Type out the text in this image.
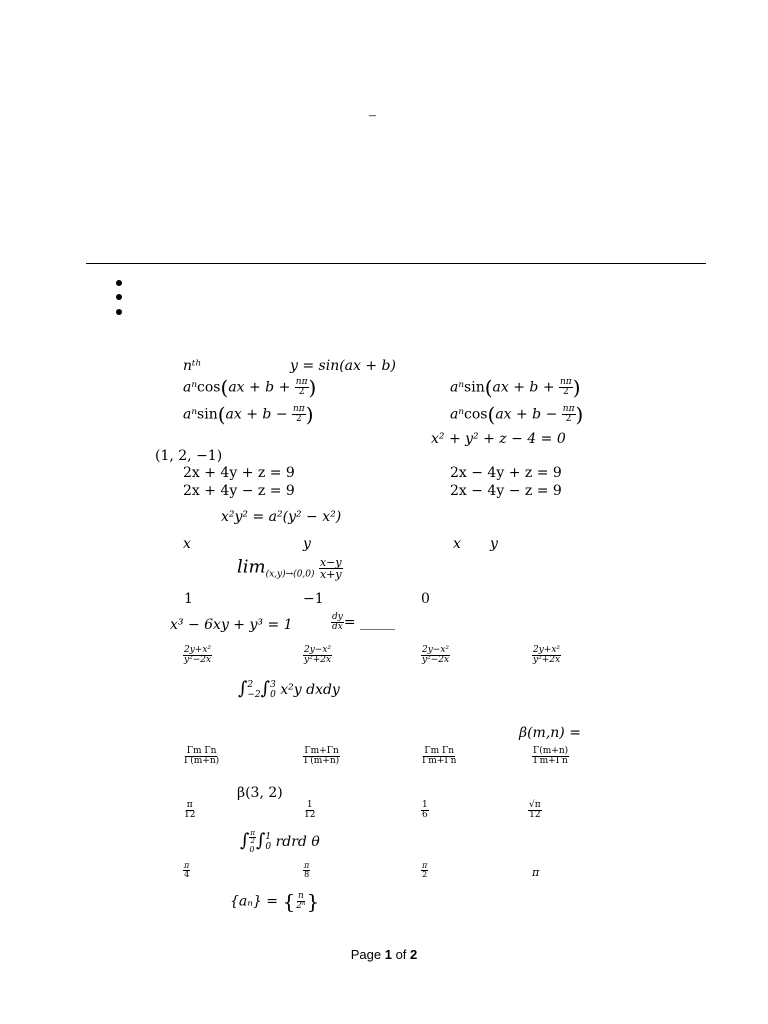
–
nᵗʰ	y = sin(ax + b)
$a^n\cos(ax + b + \frac{n\pi}{2}$ )	$a^n\sin(ax + b + \frac{n\pi}{2}$ )
$a^n\sin(ax + b - \frac{n\pi}{2}$ )	$a^n\cos(ax + b - \frac{n\pi}{2}$ )
x² + y² + z − 4 = 0
(1, 2, −1)
2x + 4y + z = 9	2x − 4y + z = 9
2x + 4y − z = 9	2x − 4y − z = 9
x²y² = a²(y² − x²)
x	y	x y
$\lim_{(x,y)\to(0,0)} \frac{x-y}{x+y}$
1	−1	0
x³ − 6xy + y³ = 1	$\frac{dy}{dx}$ = _____
$\frac{\text{2y+x²}}{\text{y²−2x}}$	$\frac{\text{2y−x²}}{\text{y²+2x}}$	$\frac{\text{2y−x²}}{\text{y²−2x}}$	$\frac{\text{2y+x²}}{\text{y²+2x}}$
∫ 2
−2 ∫ 3
0 x²y dxdy
β(m,n) =
$\frac{\text{Γm Γn}}{\Gamma(m+n)}$	$\frac{\Gamma m+\Gamma n}{\Gamma(m+n)}$	$\frac{\text{Γm Γn}}{\Gamma m+\Gamma n}$	$\frac{\Gamma(m+n)}{\Gamma m+\Gamma n}$
β(3, 2)
$\frac{\pi}{12}$	$\frac{1}{12}$	$\frac{1}{6}$	$\frac{√\pi}{12}$
∫ $\frac{\pi}{2}$
0 ∫ 1
0 rdrd θ
$\frac{\pi}{4}$	$\frac{\pi}{8}$	$\frac{\pi}{2}$	π
{aₙ} = { $\frac{n}{\text{2ⁿ}}$ }
Page 1 of 2
